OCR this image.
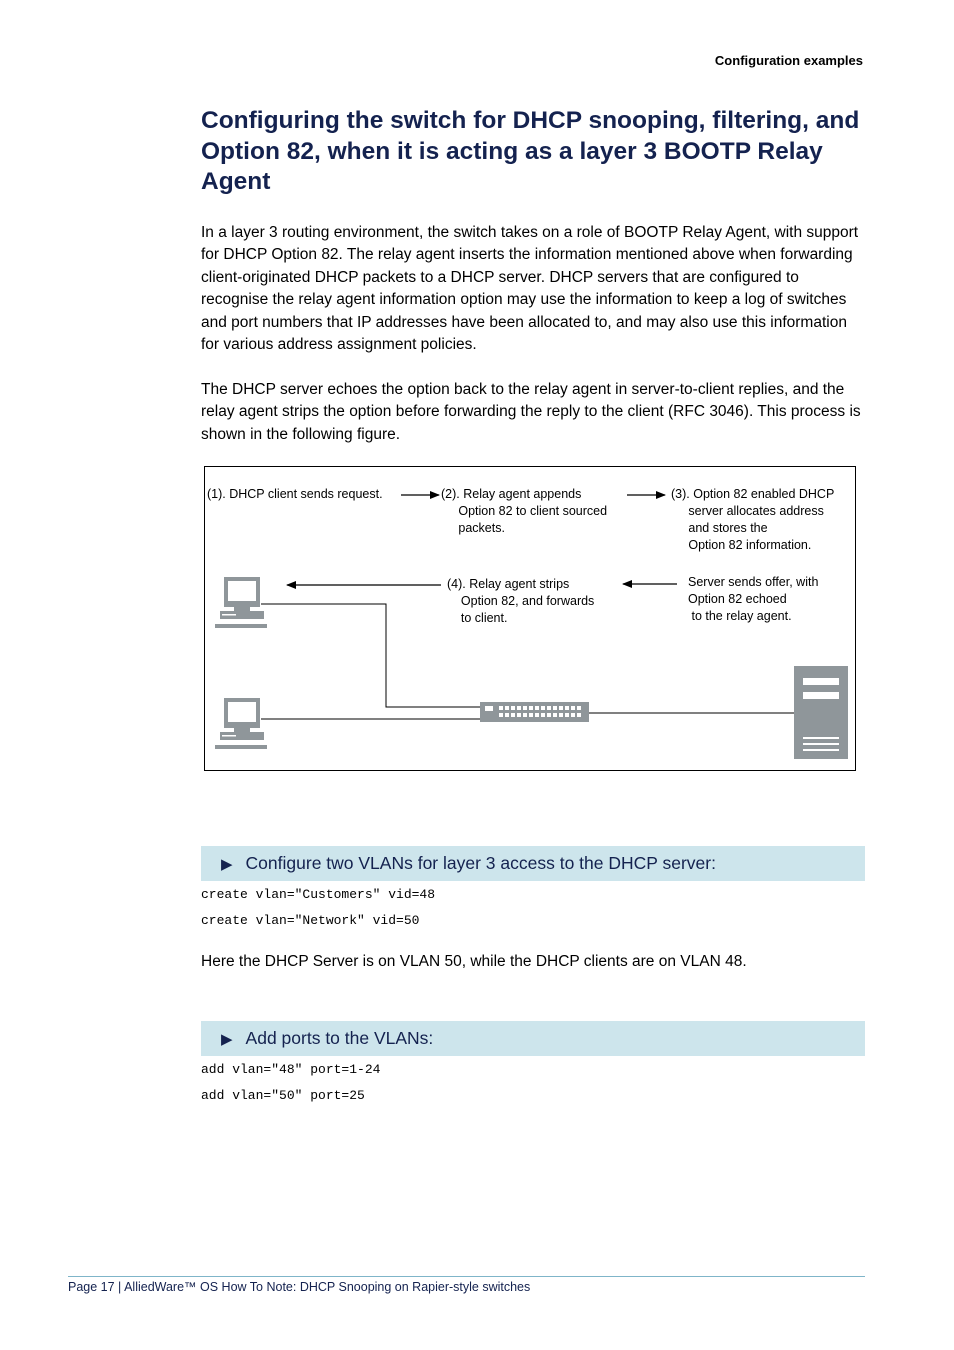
Configuration examples
Configuring the switch for DHCP snooping, filtering, and Option 82, when it is acting as a layer 3 BOOTP Relay Agent

In a layer 3 routing environment, the switch takes on a role of BOOTP Relay Agent, with support for DHCP Option 82. The relay agent inserts the information mentioned above when forwarding client-originated DHCP packets to a DHCP server. DHCP servers that are configured to recognise the relay agent information option may use the information to keep a log of switches and port numbers that IP addresses have been allocated to, and may also use this information for various address assignment policies.

The DHCP server echoes the option back to the relay agent in server-to-client replies, and the relay agent strips the option before forwarding the reply to the client (RFC 3046). This process is shown in the following figure.

(1). DHCP client sends request.	(2). Relay agent appends
Option 82 to client sourced
packets.
(3). Option 82 enabled DHCP
server allocates address
and stores the
Option 82 information.
(4). Relay agent strips
Option 82, and forwards
to client.
Server sends offer, with
Option 82 echoed
to the relay agent.
▶ Configure two VLANs for layer 3 access to the DHCP server:
create vlan="Customers" vid=48
create vlan="Network" vid=50

Here the DHCP Server is on VLAN 50, while the DHCP clients are on VLAN 48.

▶ Add ports to the VLANs:
add vlan="48" port=1-24
add vlan="50" port=25
Page 17 | AlliedWare™ OS How To Note: DHCP Snooping on Rapier-style switches
